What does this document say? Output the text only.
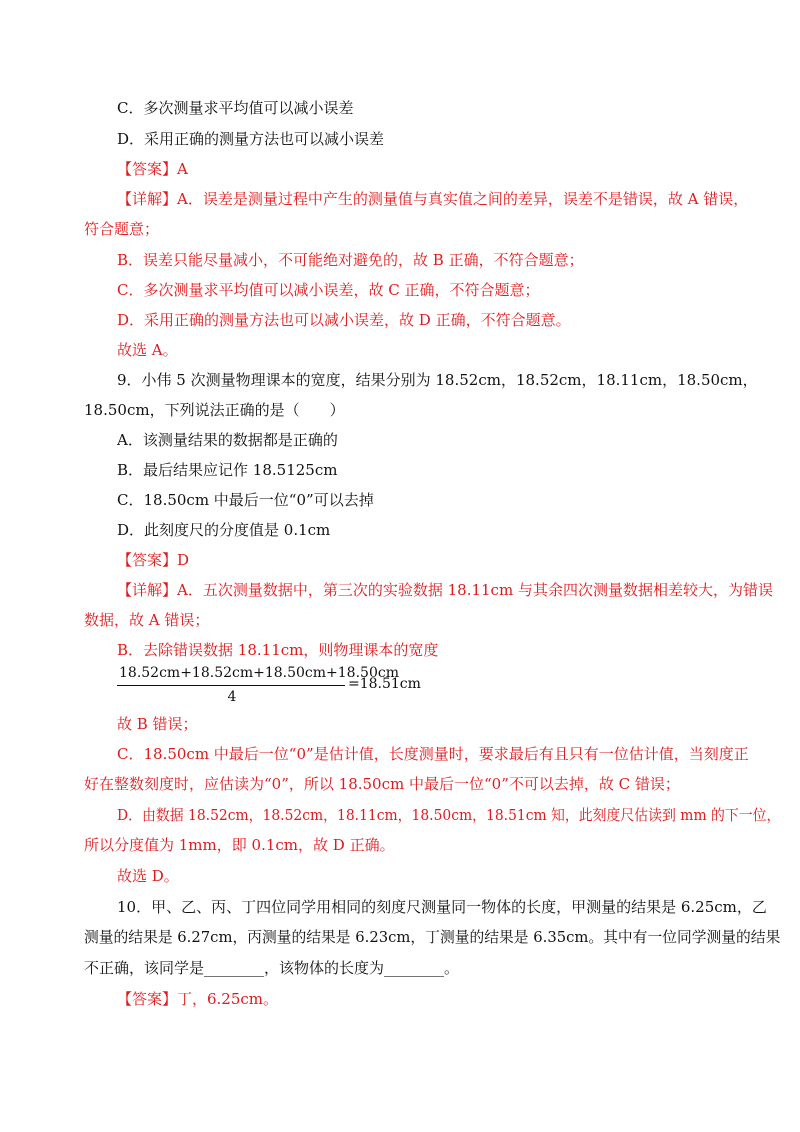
C．多次测量求平均值可以减小误差
D．采用正确的测量方法也可以减小误差
【答案】A
【详解】A．误差是测量过程中产生的测量值与真实值之间的差异，误差不是错误，故 A 错误，
符合题意；
B．误差只能尽量减小，不可能绝对避免的，故 B 正确，不符合题意；
C．多次测量求平均值可以减小误差，故 C 正确，不符合题意；
D．采用正确的测量方法也可以减小误差，故 D 正确，不符合题意。
故选 A。
9．小伟 5 次测量物理课本的宽度，结果分别为 18.52cm，18.52cm，18.11cm，18.50cm，
18.50cm，下列说法正确的是（　　）
A．该测量结果的数据都是正确的
B．最后结果应记作 18.5125cm
C．18.50cm 中最后一位“0”可以去掉
D．此刻度尺的分度值是 0.1cm
【答案】D
【详解】A．五次测量数据中，第三次的实验数据 18.11cm 与其余四次测量数据相差较大，为错误
数据，故 A 错误；
B．去除错误数据 18.11cm，则物理课本的宽度
18.52cm+18.52cm+18.50cm+18.50cm
4
=18.51cm
故 B 错误；
C．18.50cm 中最后一位“0”是估计值，长度测量时，要求最后有且只有一位估计值，当刻度正
好在整数刻度时，应估读为“0”，所以 18.50cm 中最后一位“0”不可以去掉，故 C 错误；
D．由数据 18.52cm，18.52cm，18.11cm，18.50cm，18.51cm 知，此刻度尺估读到 mm 的下一位，
所以分度值为 1mm，即 0.1cm，故 D 正确。
故选 D。
10．甲、乙、丙、丁四位同学用相同的刻度尺测量同一物体的长度，甲测量的结果是 6.25cm，乙
测量的结果是 6.27cm，丙测量的结果是 6.23cm，丁测量的结果是 6.35cm。其中有一位同学测量的结果
不正确，该同学是________，该物体的长度为________。
【答案】丁，6.25cm。
